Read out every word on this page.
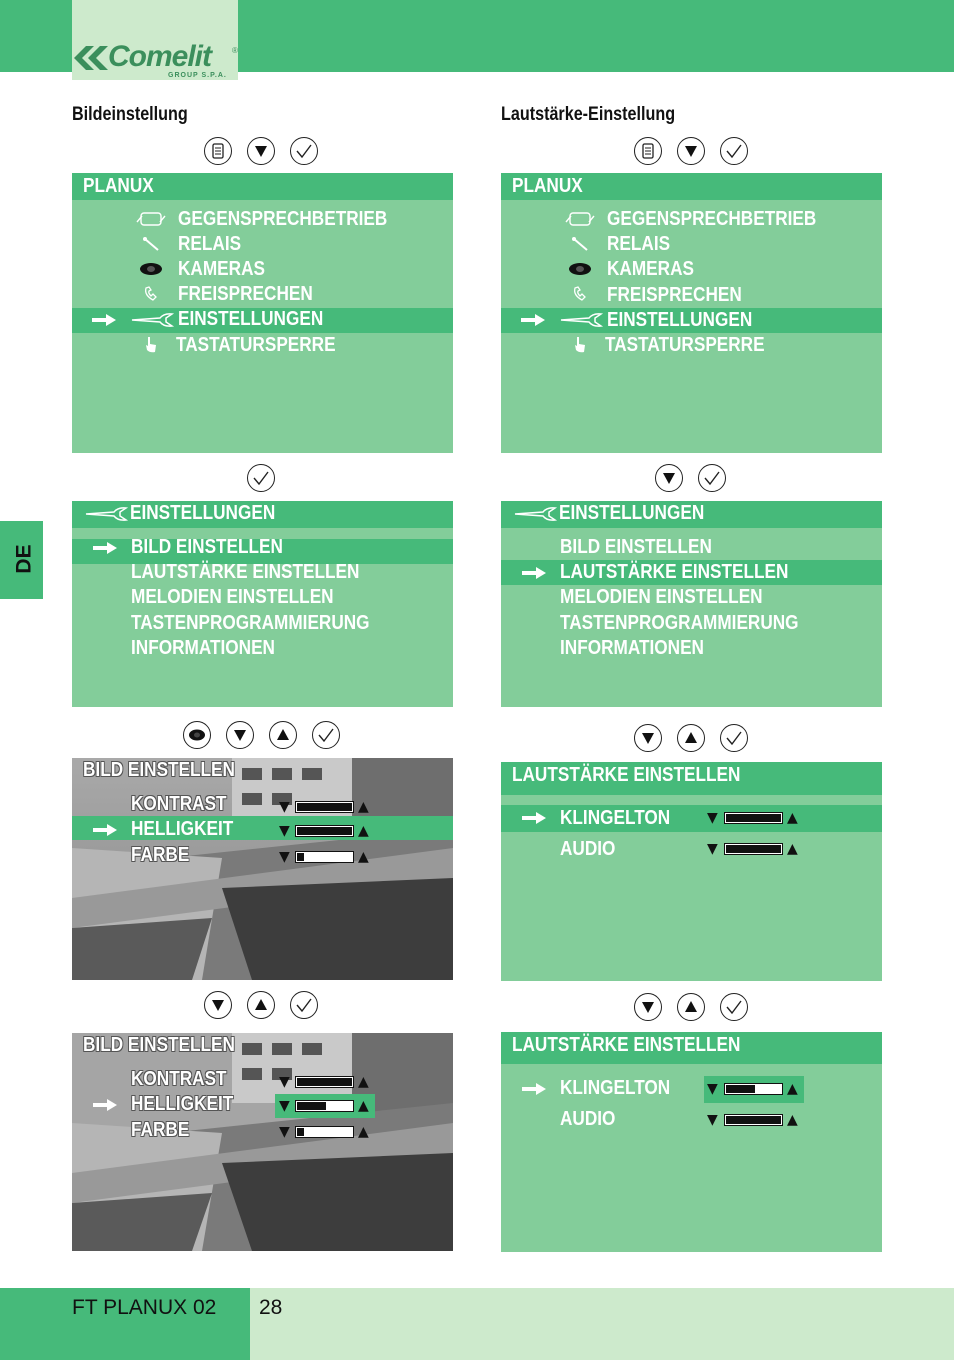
Comelit	®
GROUP S.P.A.
DE
Bildeinstellung	Lautstärke-Einstellung
PLANUX
GEGENSPRECHBETRIEB
RELAIS
KAMERAS
FREISPRECHEN
EINSTELLUNGEN
TASTATURSPERRE
EINSTELLUNGEN
BILD EINSTELLEN
LAUTSTÄRKE EINSTELLEN
MELODIEN EINSTELLEN
TASTENPROGRAMMIERUNG
INFORMATIONEN
BILD EINSTELLEN
KONTRAST
HELLIGKEIT
FARBE
▼	▲
▼	▲
▼	▲
BILD EINSTELLEN
KONTRAST
HELLIGKEIT
FARBE
▼	▲
▼	▲
▼	▲
PLANUX
GEGENSPRECHBETRIEB
RELAIS
KAMERAS
FREISPRECHEN
EINSTELLUNGEN
TASTATURSPERRE
EINSTELLUNGEN
BILD EINSTELLEN
LAUTSTÄRKE EINSTELLEN
MELODIEN EINSTELLEN
TASTENPROGRAMMIERUNG
INFORMATIONEN
LAUTSTÄRKE EINSTELLEN
KLINGELTON
AUDIO
▼	▲
▼	▲
LAUTSTÄRKE EINSTELLEN
KLINGELTON
AUDIO
▼	▲
▼	▲
FT PLANUX 02 28
